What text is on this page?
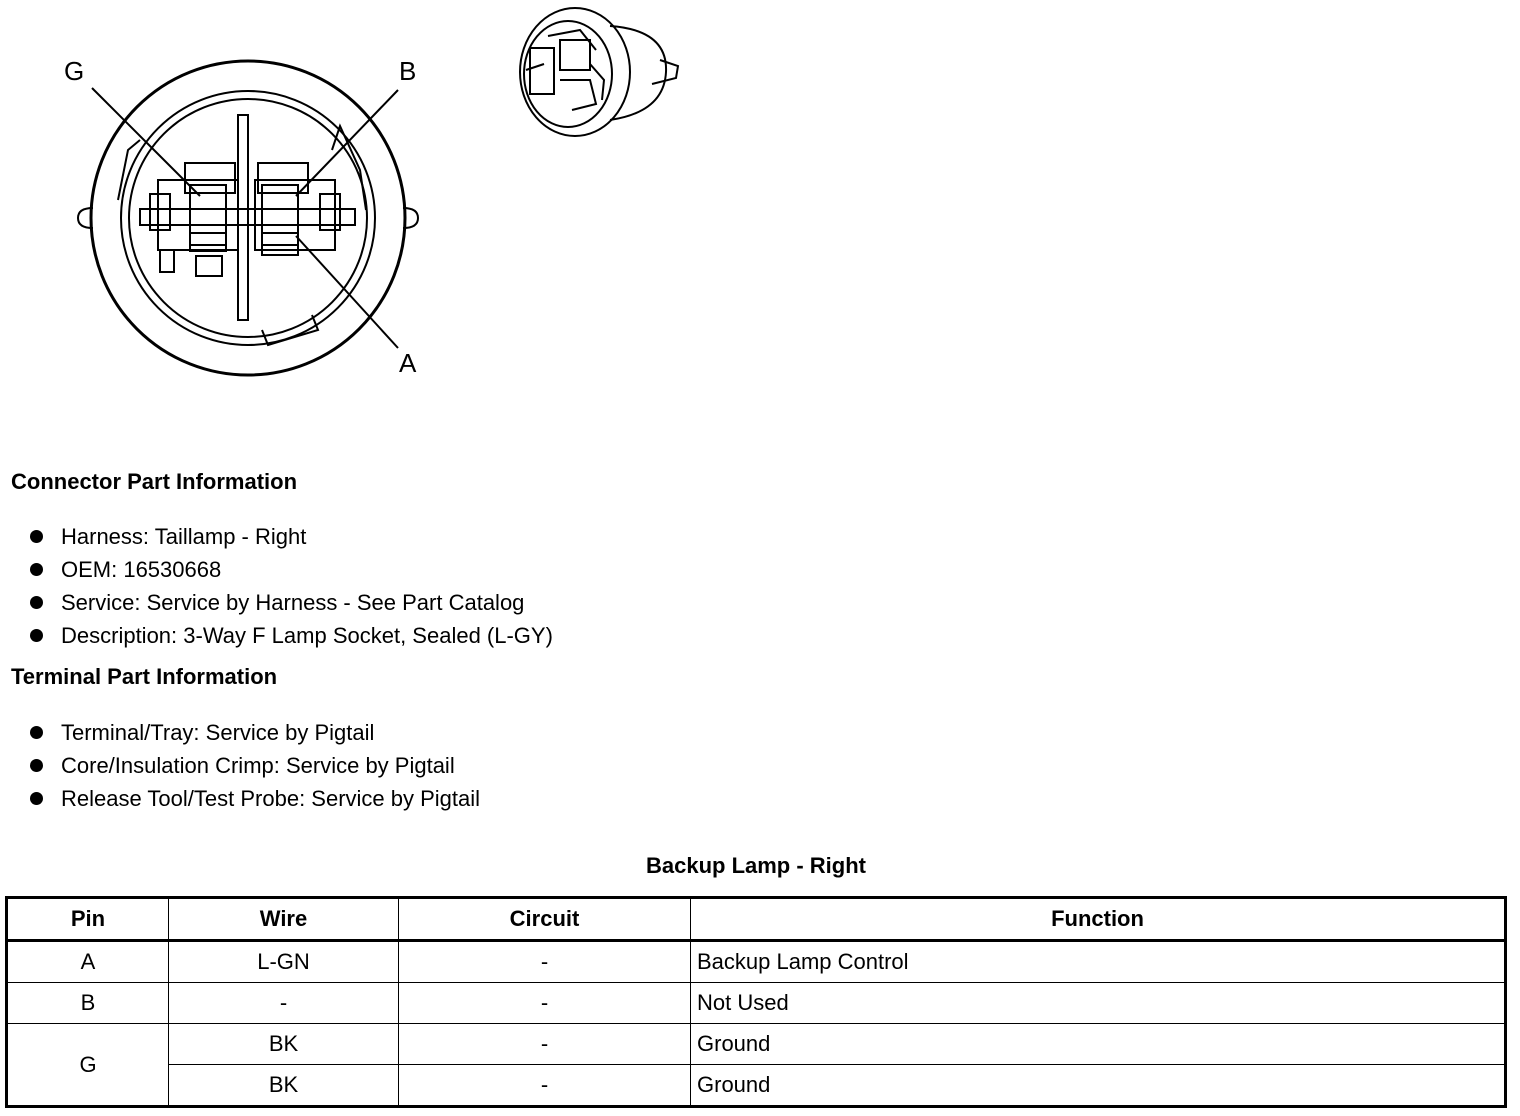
G	B
A
Connector Part Information
Harness: Taillamp - Right
OEM: 16530668
Service: Service by Harness - See Part Catalog
Description: 3-Way F Lamp Socket, Sealed (L-GY)
Terminal Part Information
Terminal/Tray: Service by Pigtail
Core/Insulation Crimp: Service by Pigtail
Release Tool/Test Probe: Service by Pigtail
Backup Lamp - Right
Pin	Wire	Circuit	Function
A	L-GN	-	Backup Lamp Control
B	-	-	Not Used
G	BK	-	Ground
	BK	-	Ground
